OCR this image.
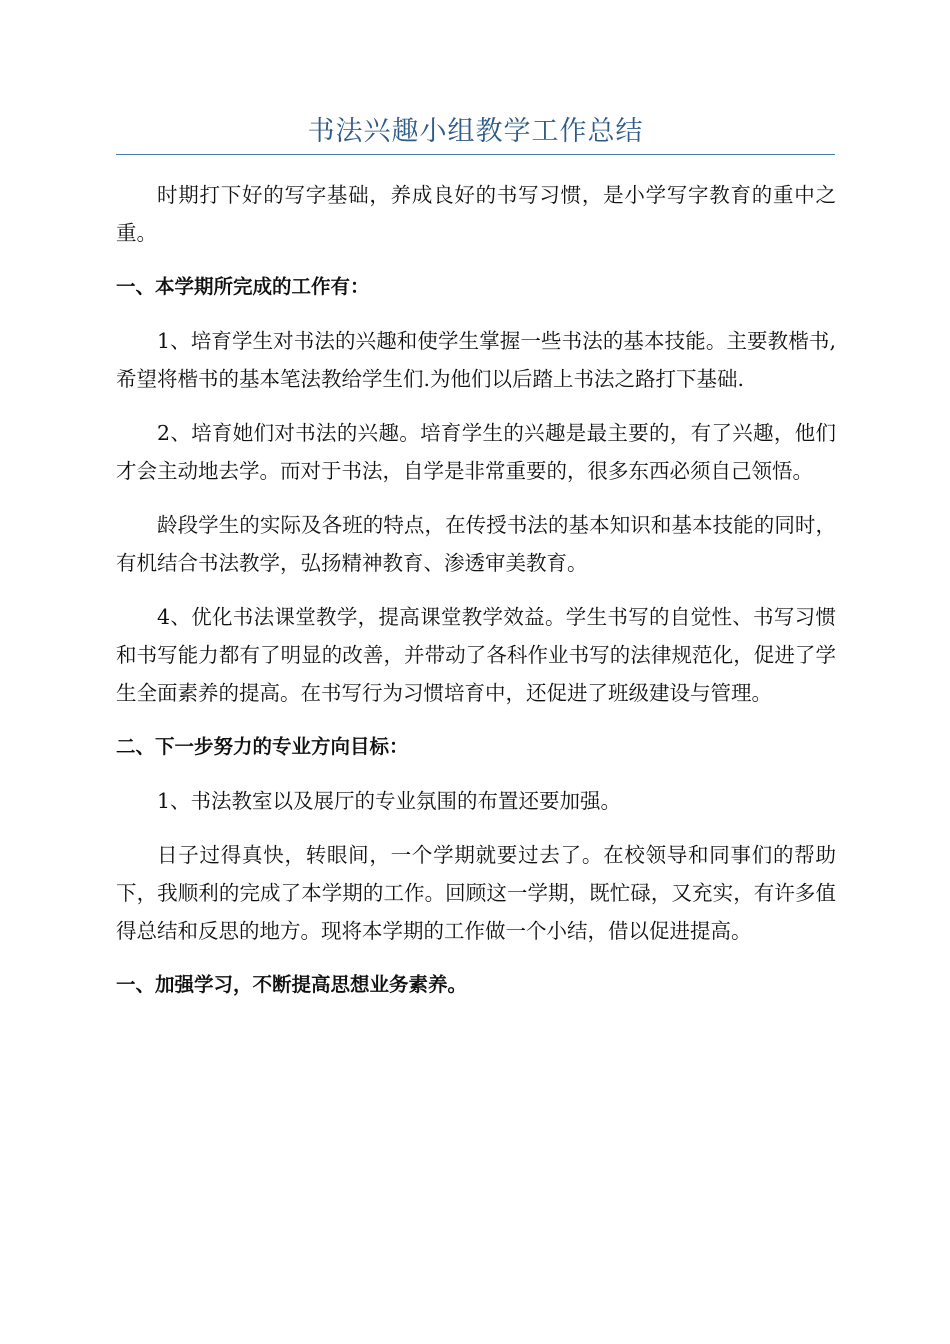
书法兴趣小组教学工作总结

时期打下好的写字基础，养成良好的书写习惯，是小学写字教育的重中之重。

一、本学期所完成的工作有：

1、培育学生对书法的兴趣和使学生掌握一些书法的基本技能。主要教楷书,希望将楷书的基本笔法教给学生们.为他们以后踏上书法之路打下基础.

2、培育她们对书法的兴趣。培育学生的兴趣是最主要的，有了兴趣，他们才会主动地去学。而对于书法，自学是非常重要的，很多东西必须自己领悟。

龄段学生的实际及各班的特点，在传授书法的基本知识和基本技能的同时，有机结合书法教学，弘扬精神教育、渗透审美教育。

4、优化书法课堂教学，提高课堂教学效益。学生书写的自觉性、书写习惯和书写能力都有了明显的改善，并带动了各科作业书写的法律规范化，促进了学生全面素养的提高。在书写行为习惯培育中，还促进了班级建设与管理。

二、下一步努力的专业方向目标：

1、书法教室以及展厅的专业氛围的布置还要加强。

日子过得真快，转眼间，一个学期就要过去了。在校领导和同事们的帮助下，我顺利的完成了本学期的工作。回顾这一学期，既忙碌，又充实，有许多值得总结和反思的地方。现将本学期的工作做一个小结，借以促进提高。

一、加强学习，不断提高思想业务素养。
